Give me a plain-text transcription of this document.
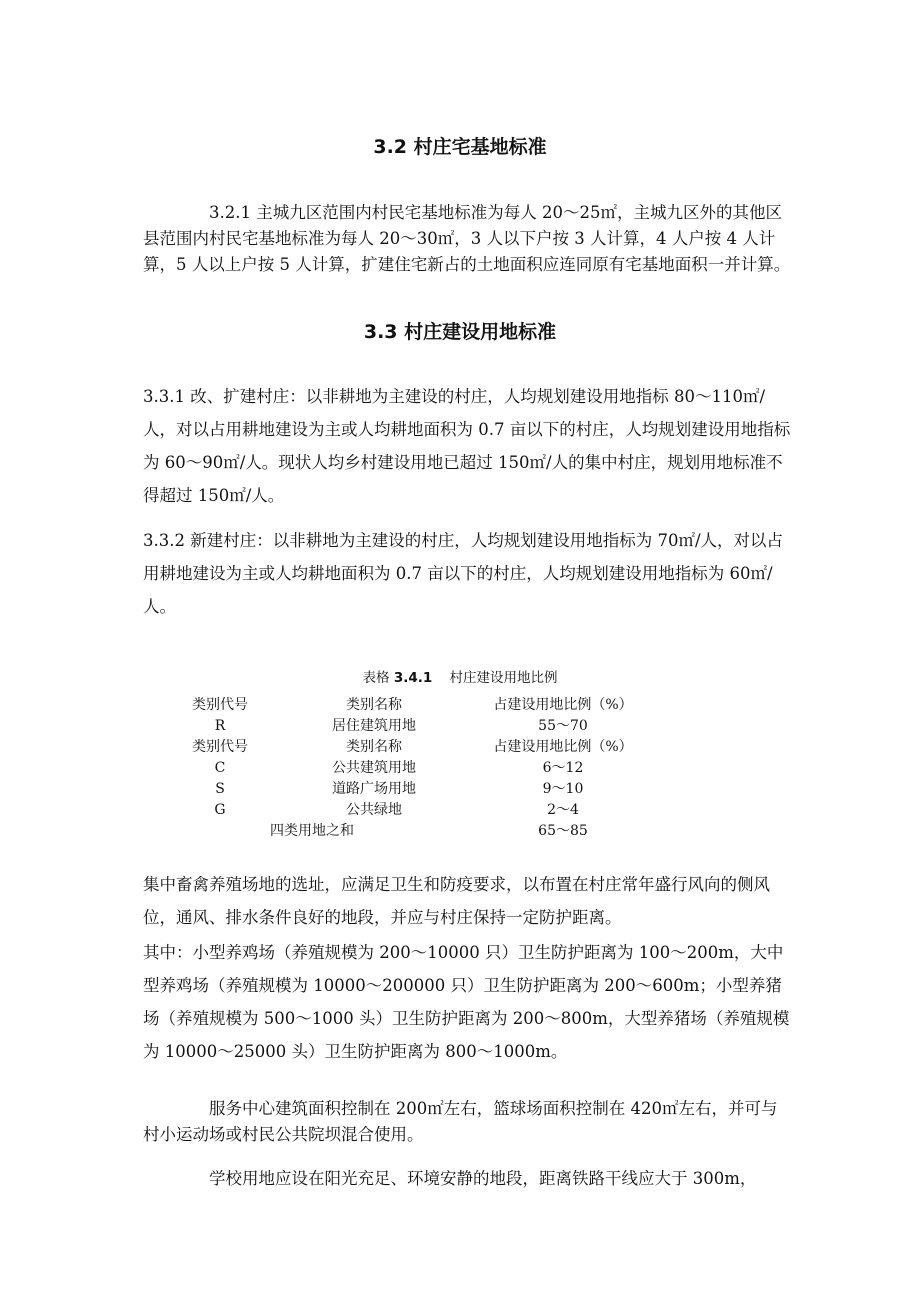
3.2 村庄宅基地标准

3.2.1 主城九区范围内村民宅基地标准为每人 20～25㎡，主城九区外的其他区县范围内村民宅基地标准为每人 20～30㎡，3 人以下户按 3 人计算，4 人户按 4 人计算，5 人以上户按 5 人计算，扩建住宅新占的土地面积应连同原有宅基地面积一并计算。

3.3 村庄建设用地标准

3.3.1 改、扩建村庄：以非耕地为主建设的村庄，人均规划建设用地指标 80～110㎡/人，对以占用耕地建设为主或人均耕地面积为 0.7 亩以下的村庄，人均规划建设用地指标为 60～90㎡/人。现状人均乡村建设用地已超过 150㎡/人的集中村庄，规划用地标准不得超过 150㎡/人。

3.3.2 新建村庄：以非耕地为主建设的村庄，人均规划建设用地指标为 70㎡/人，对以占用耕地建设为主或人均耕地面积为 0.7 亩以下的村庄，人均规划建设用地指标为 60㎡/人。

表格 3.4.1 村庄建设用地比例
类别代号	类别名称	占建设用地比例（%）
R	居住建筑用地	55～70
类别代号	类别名称	占建设用地比例（%）
C	公共建筑用地	6～12
S	道路广场用地	9～10
G	公共绿地	2～4
四类用地之和		65～85

集中畜禽养殖场地的选址，应满足卫生和防疫要求，以布置在村庄常年盛行风向的侧风位，通风、排水条件良好的地段，并应与村庄保持一定防护距离。

其中：小型养鸡场（养殖规模为 200～10000 只）卫生防护距离为 100～200m，大中型养鸡场（养殖规模为 10000～200000 只）卫生防护距离为 200～600m；小型养猪场（养殖规模为 500～1000 头）卫生防护距离为 200～800m，大型养猪场（养殖规模为 10000～25000 头）卫生防护距离为 800～1000m。

服务中心建筑面积控制在 200㎡左右，篮球场面积控制在 420㎡左右，并可与村小运动场或村民公共院坝混合使用。

学校用地应设在阳光充足、环境安静的地段，距离铁路干线应大于 300m，
